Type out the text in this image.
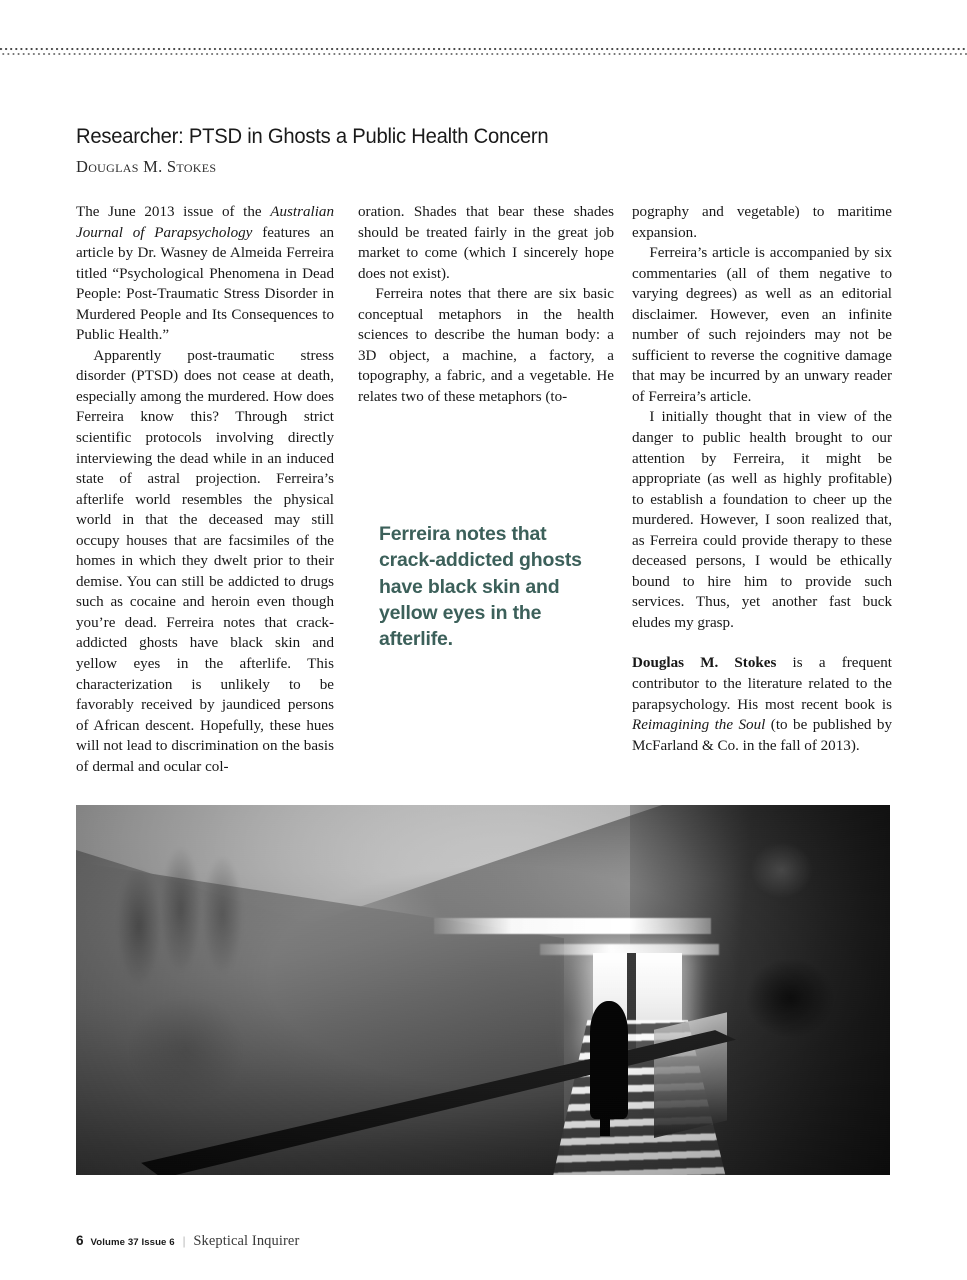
Researcher: PTSD in Ghosts a Public Health Concern
Douglas M. Stokes

The June 2013 issue of the Australian Journal of Parapsychology features an article by Dr. Wasney de Almeida Ferreira titled “Psychological Phenomena in Dead People: Post-Traumatic Stress Disorder in Murdered People and Its Consequences to Public Health.”

Apparently post-traumatic stress disorder (PTSD) does not cease at death, especially among the murdered. How does Ferreira know this? Through strict scientific protocols involving directly interviewing the dead while in an induced state of astral projection. Ferreira’s afterlife world resembles the physical world in that the deceased may still occupy houses that are facsimiles of the homes in which they dwelt prior to their demise. You can still be addicted to drugs such as cocaine and heroin even though you’re dead. Ferreira notes that crack-addicted ghosts have black skin and yellow eyes in the afterlife. This characterization is unlikely to be favorably received by jaundiced persons of African descent. Hopefully, these hues will not lead to discrimination on the basis of dermal and ocular col-

oration. Shades that bear these shades should be treated fairly in the great job market to come (which I sincerely hope does not exist).

Ferreira notes that there are six basic conceptual metaphors in the health sciences to describe the human body: a 3D object, a machine, a factory, a topography, a fabric, and a vegetable. He relates two of these metaphors (to-

Ferreira notes that crack-addicted ghosts have black skin and yellow eyes in the afterlife.

pography and vegetable) to maritime expansion.

Ferreira’s article is accompanied by six commentaries (all of them negative to varying degrees) as well as an editorial disclaimer. However, even an infinite number of such rejoinders may not be sufficient to reverse the cognitive damage that may be incurred by an unwary reader of Ferreira’s article.

I initially thought that in view of the danger to public health brought to our attention by Ferreira, it might be appropriate (as well as highly profitable) to establish a foundation to cheer up the murdered. However, I soon realized that, as Ferreira could provide therapy to these deceased persons, I would be ethically bound to hire him to provide such services. Thus, yet another fast buck eludes my grasp.

Douglas M. Stokes is a frequent contributor to the literature related to the parapsychology. His most recent book is Reimagining the Soul (to be published by McFarland & Co. in the fall of 2013).

6 Volume 37 Issue 6 | Skeptical Inquirer
